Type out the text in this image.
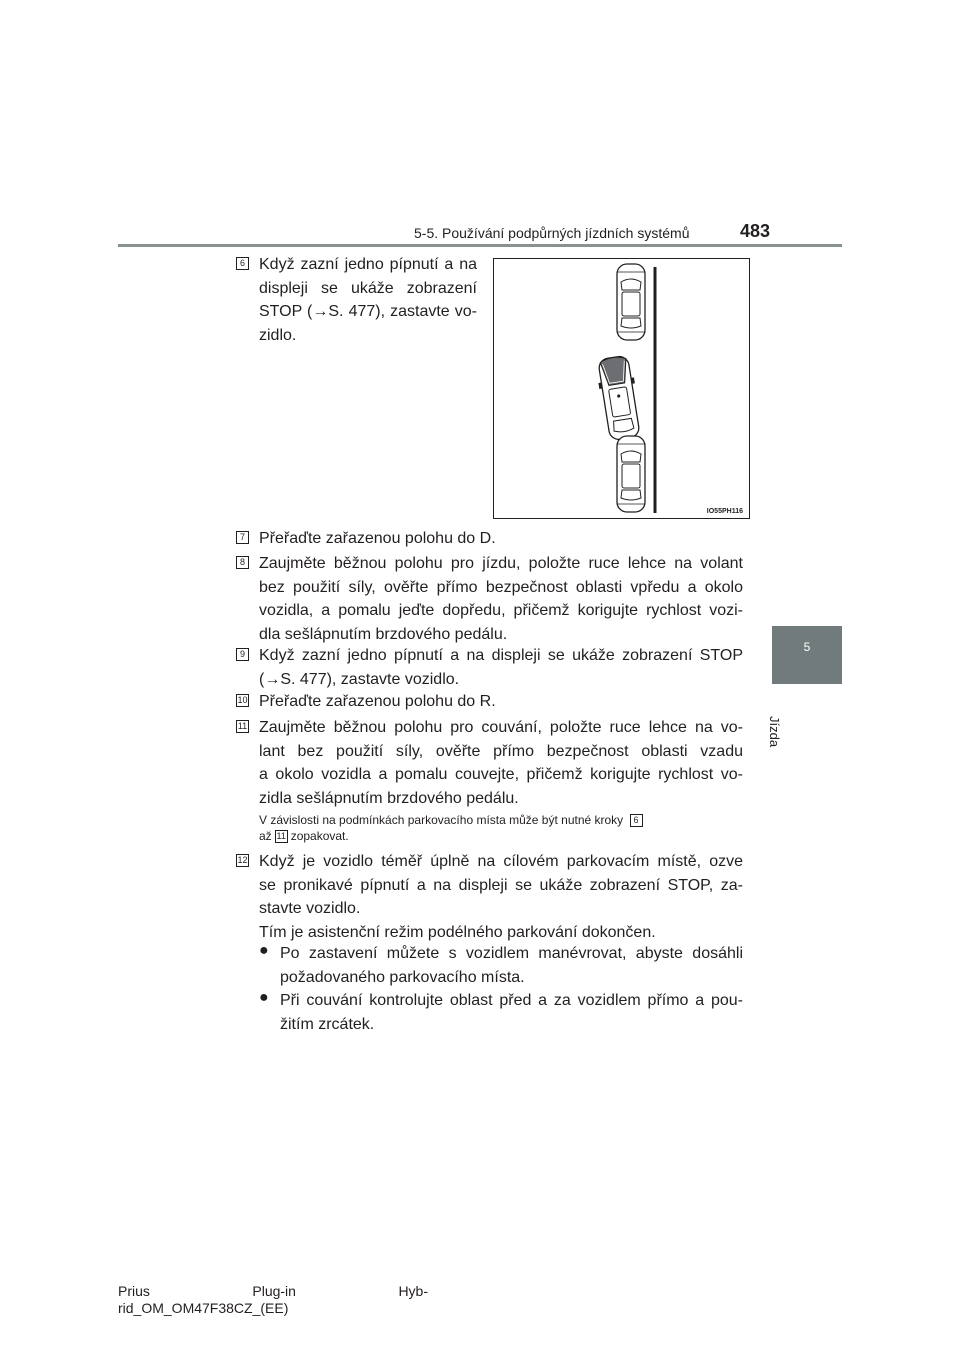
5-5. Používání podpůrných jízdních systémů	483
5
Jízda
6 Když zazní jedno pípnutí a na
displeji se ukáže zobrazení
STOP (→S. 477), zastavte vo-
zidlo.
IO55PH116
7 Přeřaďte zařazenou polohu do D.
8 Zaujměte běžnou polohu pro jízdu, položte ruce lehce na volant
bez použití síly, ověřte přímo bezpečnost oblasti vpředu a okolo
vozidla, a pomalu jeďte dopředu, přičemž korigujte rychlost vozi-
dla sešlápnutím brzdového pedálu.
9 Když zazní jedno pípnutí a na displeji se ukáže zobrazení STOP
(→S. 477), zastavte vozidlo.
10 Přeřaďte zařazenou polohu do R.
11 Zaujměte běžnou polohu pro couvání, položte ruce lehce na vo-
lant bez použití síly, ověřte přímo bezpečnost oblasti vzadu
a okolo vozidla a pomalu couvejte, přičemž korigujte rychlost vo-
zidla sešlápnutím brzdového pedálu.
V závislosti na podmínkách parkovacího místa může být nutné kroky 6
až 11 zopakovat.
12 Když je vozidlo téměř úplně na cílovém parkovacím místě, ozve
se pronikavé pípnutí a na displeji se ukáže zobrazení STOP, za-
stavte vozidlo.
Tím je asistenční režim podélného parkování dokončen.
● Po zastavení můžete s vozidlem manévrovat, abyste dosáhli
požadovaného parkovacího místa.
● Při couvání kontrolujte oblast před a za vozidlem přímo a pou-
žitím zrcátek.
Prius	Plug-in	Hyb-
rid_OM_OM47F38CZ_(EE)
